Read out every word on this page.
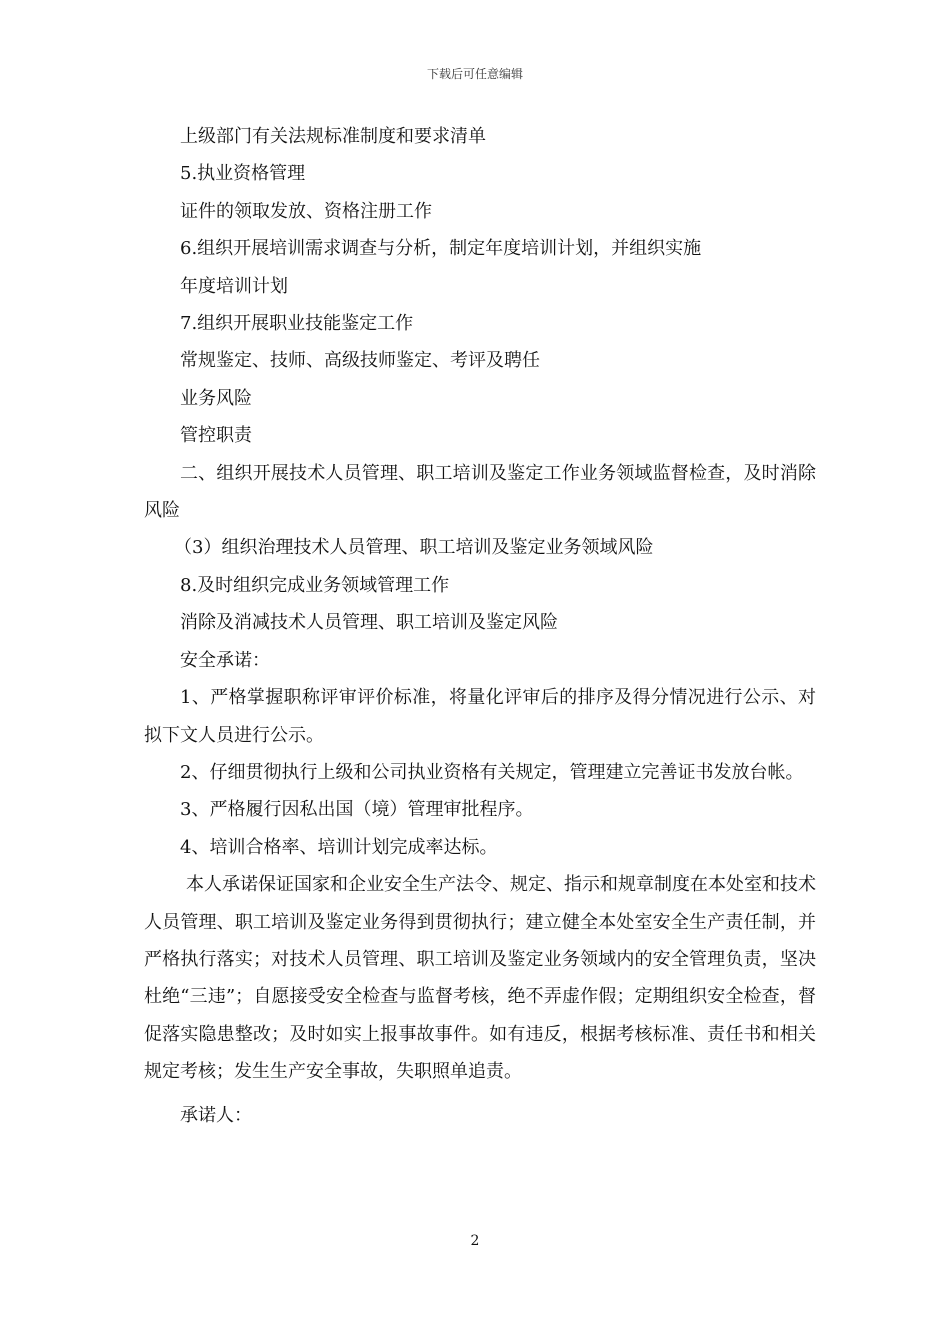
下载后可任意编辑

上级部门有关法规标准制度和要求清单

5.执业资格管理

证件的领取发放、资格注册工作

6.组织开展培训需求调查与分析，制定年度培训计划，并组织实施

年度培训计划

7.组织开展职业技能鉴定工作

常规鉴定、技师、高级技师鉴定、考评及聘任

业务风险

管控职责

二、组织开展技术人员管理、职工培训及鉴定工作业务领域监督检查，及时消除风险

（3）组织治理技术人员管理、职工培训及鉴定业务领域风险

8.及时组织完成业务领域管理工作

消除及消减技术人员管理、职工培训及鉴定风险

安全承诺：

1、严格掌握职称评审评价标准，将量化评审后的排序及得分情况进行公示、对拟下文人员进行公示。

2、仔细贯彻执行上级和公司执业资格有关规定，管理建立完善证书发放台帐。

3、严格履行因私出国（境）管理审批程序。

4、培训合格率、培训计划完成率达标。

本人承诺保证国家和企业安全生产法令、规定、指示和规章制度在本处室和技术人员管理、职工培训及鉴定业务得到贯彻执行；建立健全本处室安全生产责任制，并严格执行落实；对技术人员管理、职工培训及鉴定业务领域内的安全管理负责，坚决杜绝“三违”；自愿接受安全检查与监督考核，绝不弄虚作假；定期组织安全检查，督促落实隐患整改；及时如实上报事故事件。如有违反，根据考核标准、责任书和相关规定考核；发生生产安全事故，失职照单追责。

承诺人：

2
